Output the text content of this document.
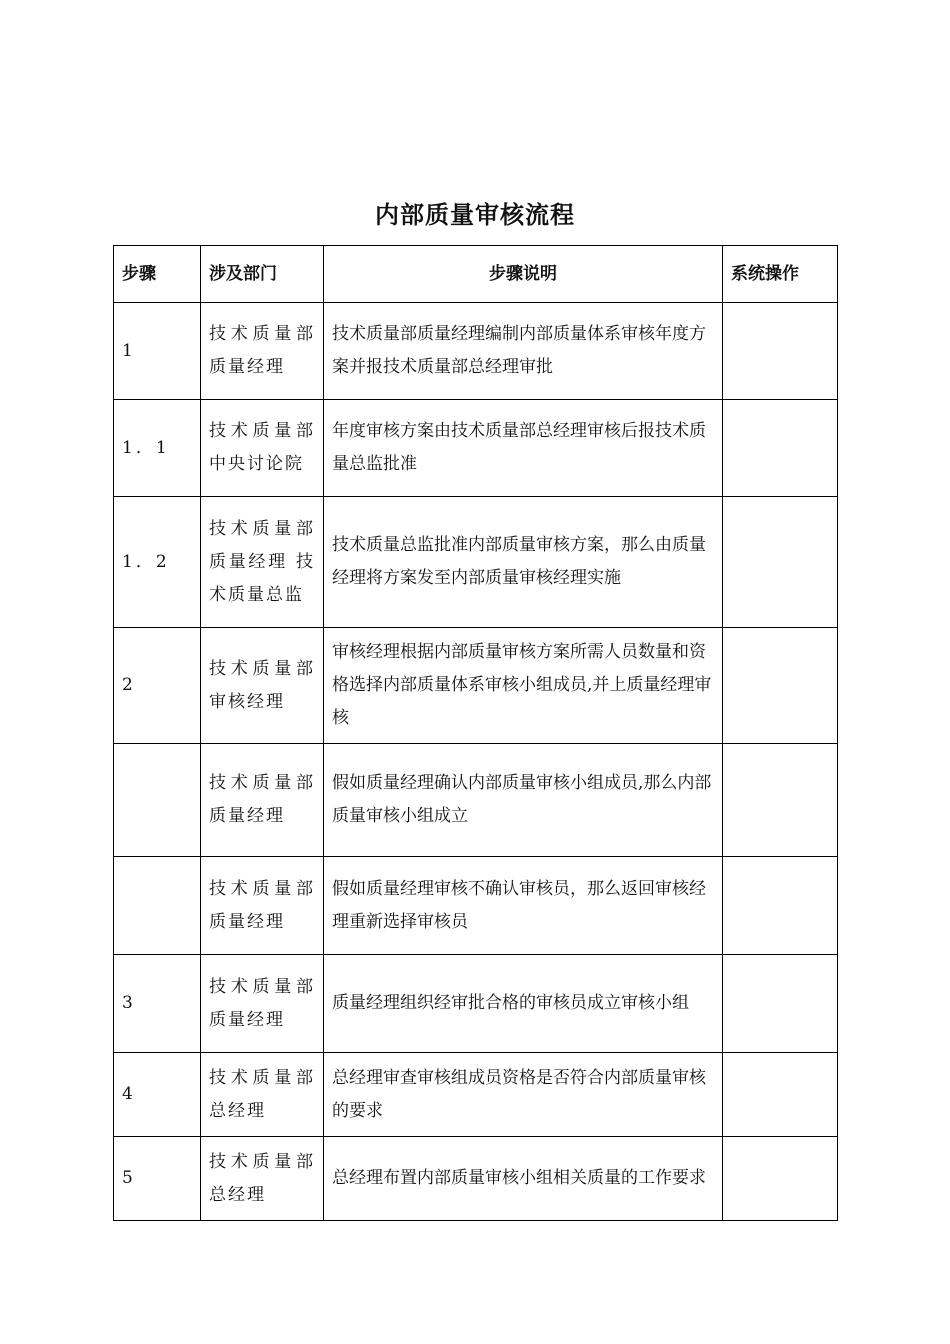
内部质量审核流程
步骤	涉及部门	步骤说明	系统操作
1	技术质量部质量经理	技术质量部质量经理编制内部质量体系审核年度方案并报技术质量部总经理审批	
1．1	技术质量部中央讨论院	年度审核方案由技术质量部总经理审核后报技术质量总监批准	
1．2	技术质量部质量经理 技术质量总监	技术质量总监批准内部质量审核方案，那么由质量经理将方案发至内部质量审核经理实施	
2	技术质量部审核经理	审核经理根据内部质量审核方案所需人员数量和资格选择内部质量体系审核小组成员,并上质量经理审核	
	技术质量部质量经理	假如质量经理确认内部质量审核小组成员,那么内部质量审核小组成立	
	技术质量部质量经理	假如质量经理审核不确认审核员，那么返回审核经理重新选择审核员	
3	技术质量部质量经理	质量经理组织经审批合格的审核员成立审核小组	
4	技术质量部总经理	总经理审查审核组成员资格是否符合内部质量审核的要求	
5	技术质量部总经理	总经理布置内部质量审核小组相关质量的工作要求	
